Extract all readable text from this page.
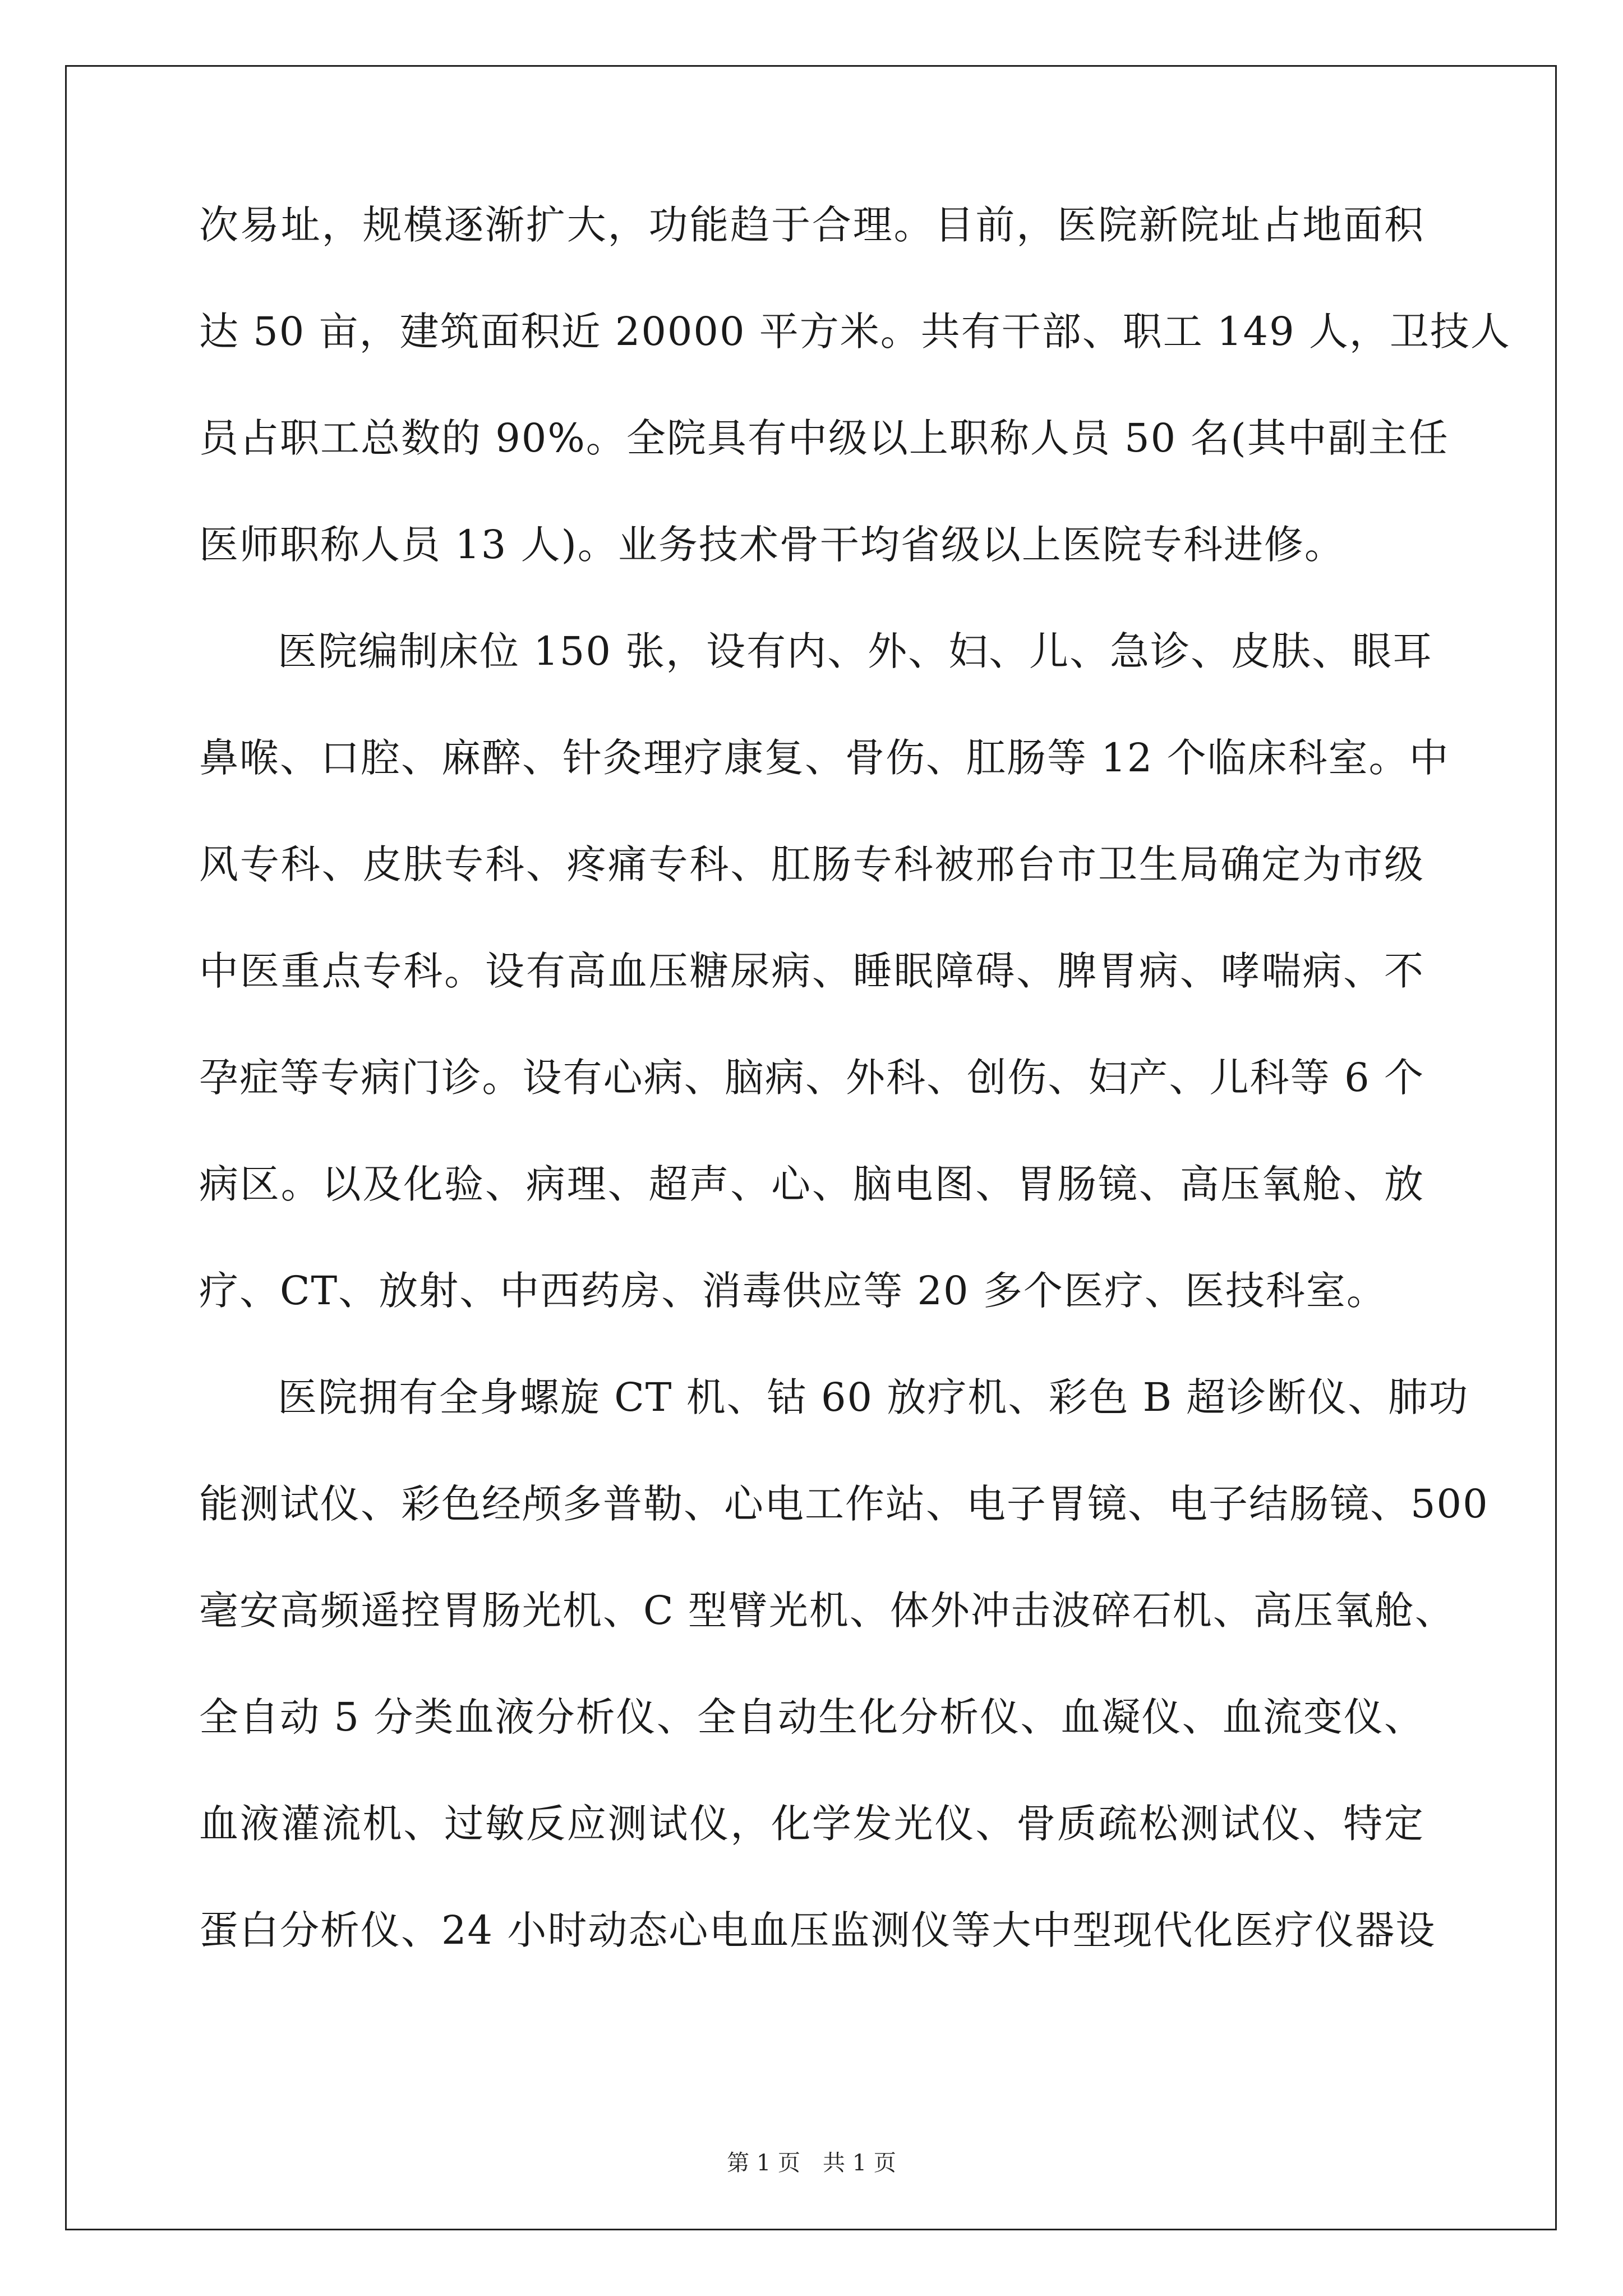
次易址，规模逐渐扩大，功能趋于合理。目前，医院新院址占地面积
达 50 亩，建筑面积近 20000 平方米。共有干部、职工 149 人，卫技人
员占职工总数的 90%。全院具有中级以上职称人员 50 名(其中副主任
医师职称人员 13 人)。业务技术骨干均省级以上医院专科进修。
医院编制床位 150 张，设有内、外、妇、儿、急诊、皮肤、眼耳
鼻喉、口腔、麻醉、针灸理疗康复、骨伤、肛肠等 12 个临床科室。中
风专科、皮肤专科、疼痛专科、肛肠专科被邢台市卫生局确定为市级
中医重点专科。设有高血压糖尿病、睡眠障碍、脾胃病、哮喘病、不
孕症等专病门诊。设有心病、脑病、外科、创伤、妇产、儿科等 6 个
病区。以及化验、病理、超声、心、脑电图、胃肠镜、高压氧舱、放
疗、CT、放射、中西药房、消毒供应等 20 多个医疗、医技科室。
医院拥有全身螺旋 CT 机、钴 60 放疗机、彩色 B 超诊断仪、肺功
能测试仪、彩色经颅多普勒、心电工作站、电子胃镜、电子结肠镜、500
毫安高频遥控胃肠光机、C 型臂光机、体外冲击波碎石机、高压氧舱、
全自动 5 分类血液分析仪、全自动生化分析仪、血凝仪、血流变仪、
血液灌流机、过敏反应测试仪，化学发光仪、骨质疏松测试仪、特定
蛋白分析仪、24 小时动态心电血压监测仪等大中型现代化医疗仪器设
第 1 页　共 1 页
